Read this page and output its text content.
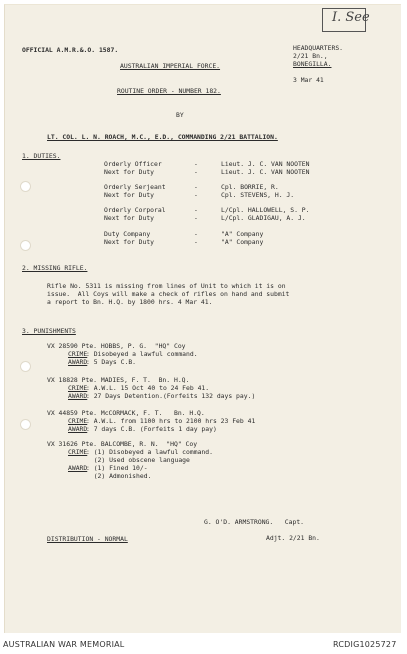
I. See
OFFICIAL A.M.R.&.O. 1587.
AUSTRALIAN IMPERIAL FORCE.
HEADQUARTERS.
2/21 Bn.,
BONEGILLA.
3 Mar 41
ROUTINE ORDER - NUMBER 182.
BY
LT. COL. L. N. ROACH, M.C., E.D., COMMANDING 2/21 BATTALION.
1. DUTIES.
Orderly Officer	-	Lieut. J. C. VAN NOOTEN
Next for Duty	-	Lieut. J. C. VAN NOOTEN
Orderly Serjeant	-	Cpl. BORRIE, R.
Next for Duty	-	Cpl. STEVENS, H. J.
Orderly Corporal	-	L/Cpl. HALLOWELL, S. P.
Next for Duty	-	L/Cpl. GLADIGAU, A. J.
Duty Company	-	"A" Company
Next for Duty	-	"A" Company
2. MISSING RIFLE.
Rifle No. 5311 is missing from lines of Unit to which it is on
issue.  All Coys will make a check of rifles on hand and submit
a report to Bn. H.Q. by 1800 hrs. 4 Mar 41.
3. PUNISHMENTS
VX 28590 Pte. HOBBS, P. G.  "HQ" Coy
CRIME
: Disobeyed a lawful command.
AWARD
: 5 Days C.B.
VX 18828 Pte. MADIES, F. T.  Bn. H.Q.
CRIME
: A.W.L. 15 Oct 40 to 24 Feb 41.
AWARD
: 27 Days Detention.(Forfeits 132 days pay.)
VX 44859 Pte. McCORMACK, F. T.   Bn. H.Q.
CRIME
: A.W.L. from 1100 hrs to 2100 hrs 23 Feb 41
AWARD
: 7 days C.B. (Forfeits 1 day pay)
VX 31626 Pte. BALCOMBE, R. N.  "HQ" Coy
CRIME
: (1) Disobeyed a lawful command.
(2) Used obscene language
AWARD
: (1) Fined 10/-
(2) Admonished.
G. O'D. ARMSTRONG.   Capt.
Adjt. 2/21 Bn.
DISTRIBUTION - NORMAL
AUSTRALIAN WAR MEMORIAL	RCDIG1025727
